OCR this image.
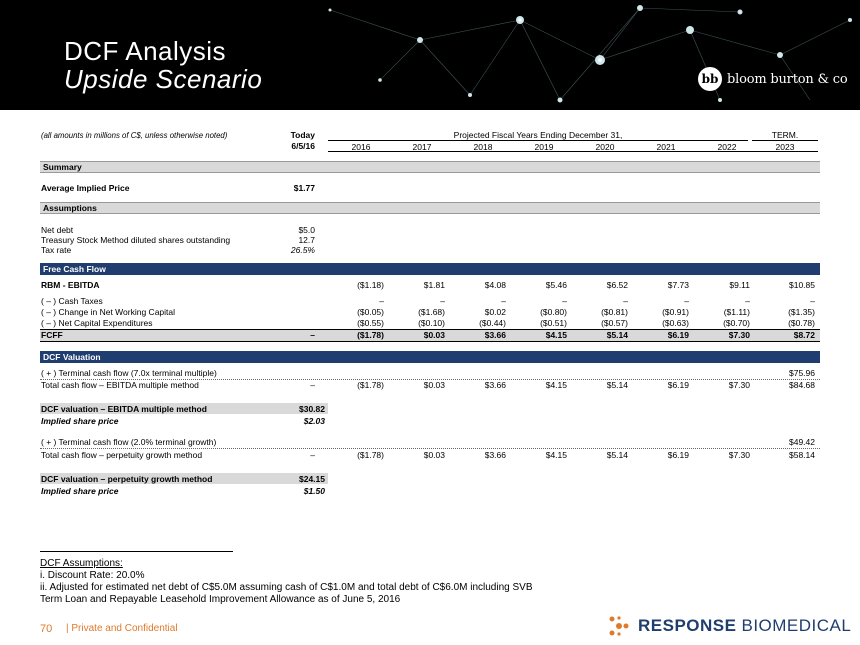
DCF Analysis
Upside Scenario	bb bloom burton & co
(all amounts in millions of C$, unless otherwise noted)	Today
6/5/16
Projected Fiscal Years Ending December 31,	TERM.
2016	2017	2018	2019	2020	2021	2022	2023
Summary
Average Implied Price	$1.77
Assumptions
Net debt	$5.0
Treasury Stock Method diluted shares outstanding	12.7
Tax rate	26.5%
Free Cash Flow
RBM - EBITDA	($1.18)	$1.81	$4.08	$5.46	$6.52	$7.73	$9.11	$10.85
( – ) Cash Taxes	–	–	–	–	–	–	–	–
( – ) Change in Net Working Capital	($0.05)	($1.68)	$0.02	($0.80)	($0.81)	($0.91)	($1.11)	($1.35)
( – ) Net Capital Expenditures	($0.55)	($0.10)	($0.44)	($0.51)	($0.57)	($0.63)	($0.70)	($0.78)
FCFF	–	($1.78)	$0.03	$3.66	$4.15	$5.14	$6.19	$7.30	$8.72
DCF Valuation
( + ) Terminal cash flow (7.0x terminal multiple)	$75.96
Total cash flow – EBITDA multiple method	–	($1.78)	$0.03	$3.66	$4.15	$5.14	$6.19	$7.30	$84.68
DCF valuation – EBITDA multiple method	$30.82
Implied share price	$2.03
( + ) Terminal cash flow (2.0% terminal growth)	$49.42
Total cash flow – perpetuity growth method	–	($1.78)	$0.03	$3.66	$4.15	$5.14	$6.19	$7.30	$58.14
DCF valuation – perpetuity growth method	$24.15
Implied share price	$1.50
DCF Assumptions:
i. Discount Rate: 20.0%
ii. Adjusted for estimated net debt of C$5.0M assuming cash of C$1.0M and total debt of C$6.0M including SVB
Term Loan and Repayable Leasehold Improvement Allowance as of June 5, 2016
70 | Private and Confidential	RESPONSE BIOMEDICAL
